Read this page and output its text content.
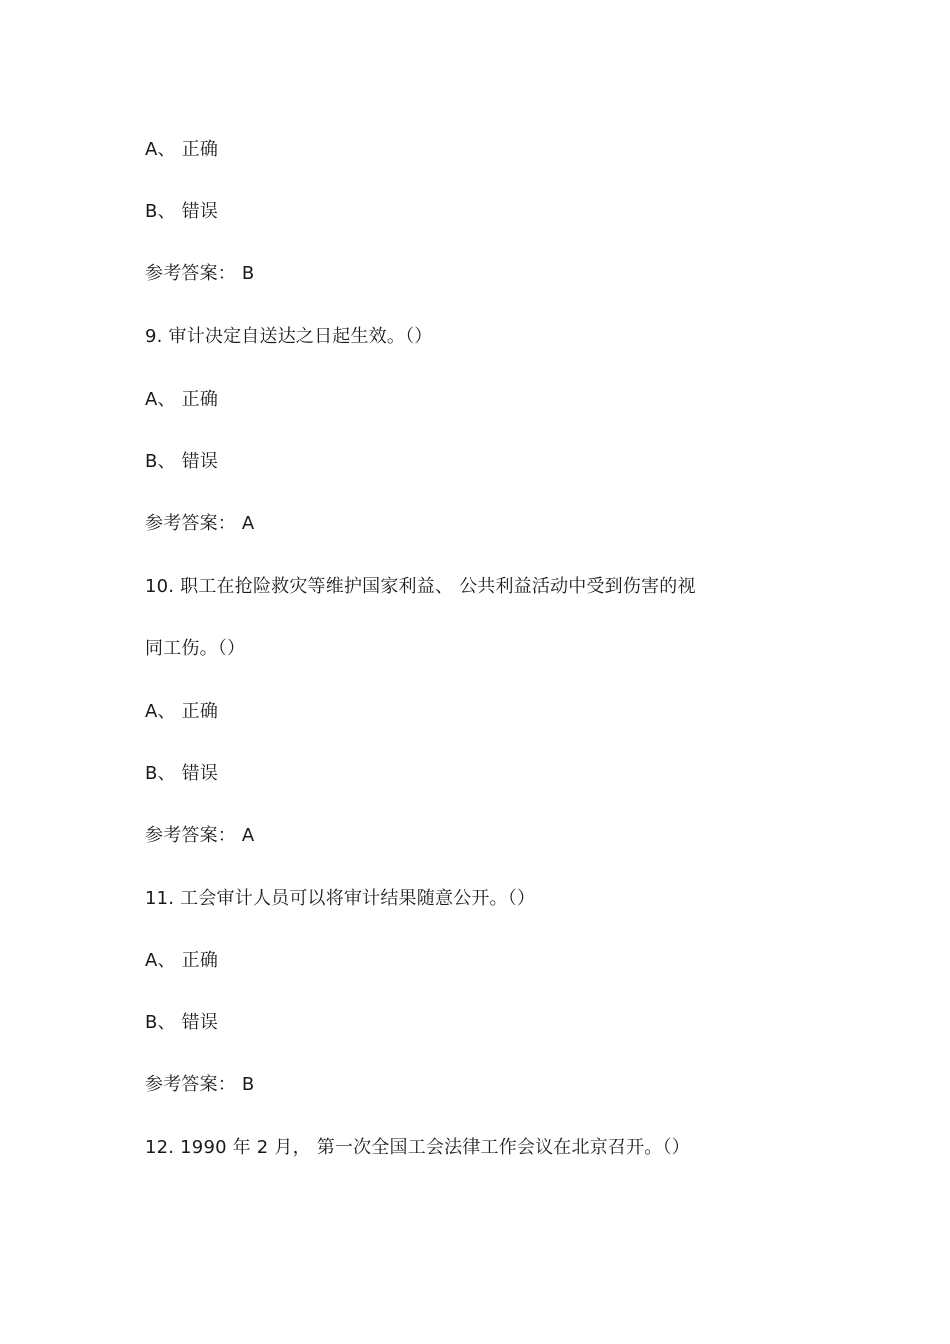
A、 正确
B、 错误
参考答案： B
9. 审计决定自送达之日起生效。（）
A、 正确
B、 错误
参考答案： A
10. 职工在抢险救灾等维护国家利益、 公共利益活动中受到伤害的视
同工伤。（）
A、 正确
B、 错误
参考答案： A
11. 工会审计人员可以将审计结果随意公开。（）
A、 正确
B、 错误
参考答案： B
12. 1990 年 2 月， 第一次全国工会法律工作会议在北京召开。（）
